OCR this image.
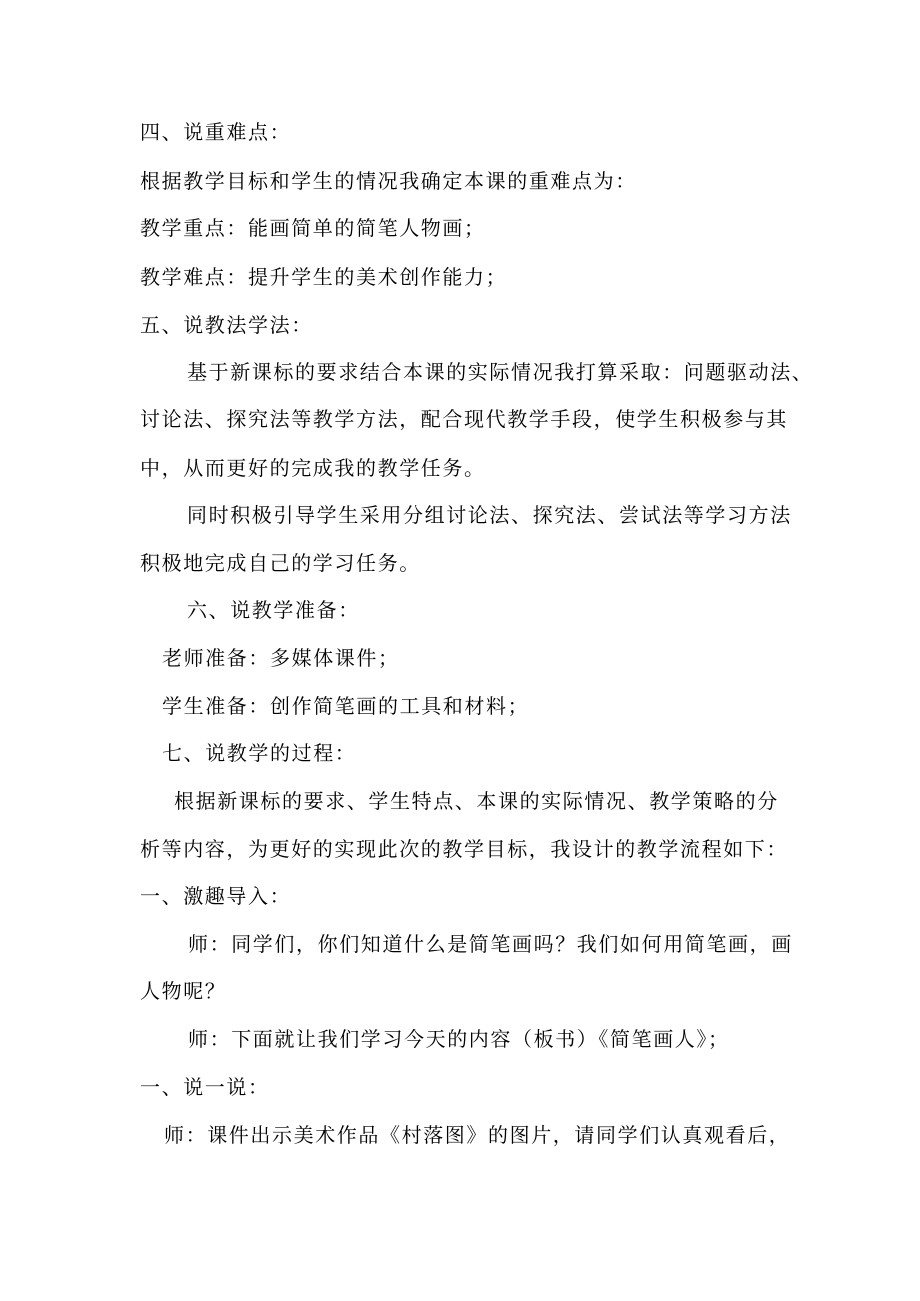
四、说重难点：
根据教学目标和学生的情况我确定本课的重难点为：
教学重点：能画简单的简笔人物画；
教学难点：提升学生的美术创作能力；
五、说教法学法：
基于新课标的要求结合本课的实际情况我打算采取：问题驱动法、
讨论法、探究法等教学方法，配合现代教学手段，使学生积极参与其
中，从而更好的完成我的教学任务。
同时积极引导学生采用分组讨论法、探究法、尝试法等学习方法
积极地完成自己的学习任务。
六、说教学准备：
老师准备：多媒体课件；
学生准备：创作简笔画的工具和材料；
七、说教学的过程：
根据新课标的要求、学生特点、本课的实际情况、教学策略的分
析等内容，为更好的实现此次的教学目标，我设计的教学流程如下：
一、激趣导入：
师：同学们，你们知道什么是简笔画吗？我们如何用简笔画，画
人物呢？
师：下面就让我们学习今天的内容（板书）《简笔画人》；
一、说一说：
师：课件出示美术作品《村落图》的图片，请同学们认真观看后，
